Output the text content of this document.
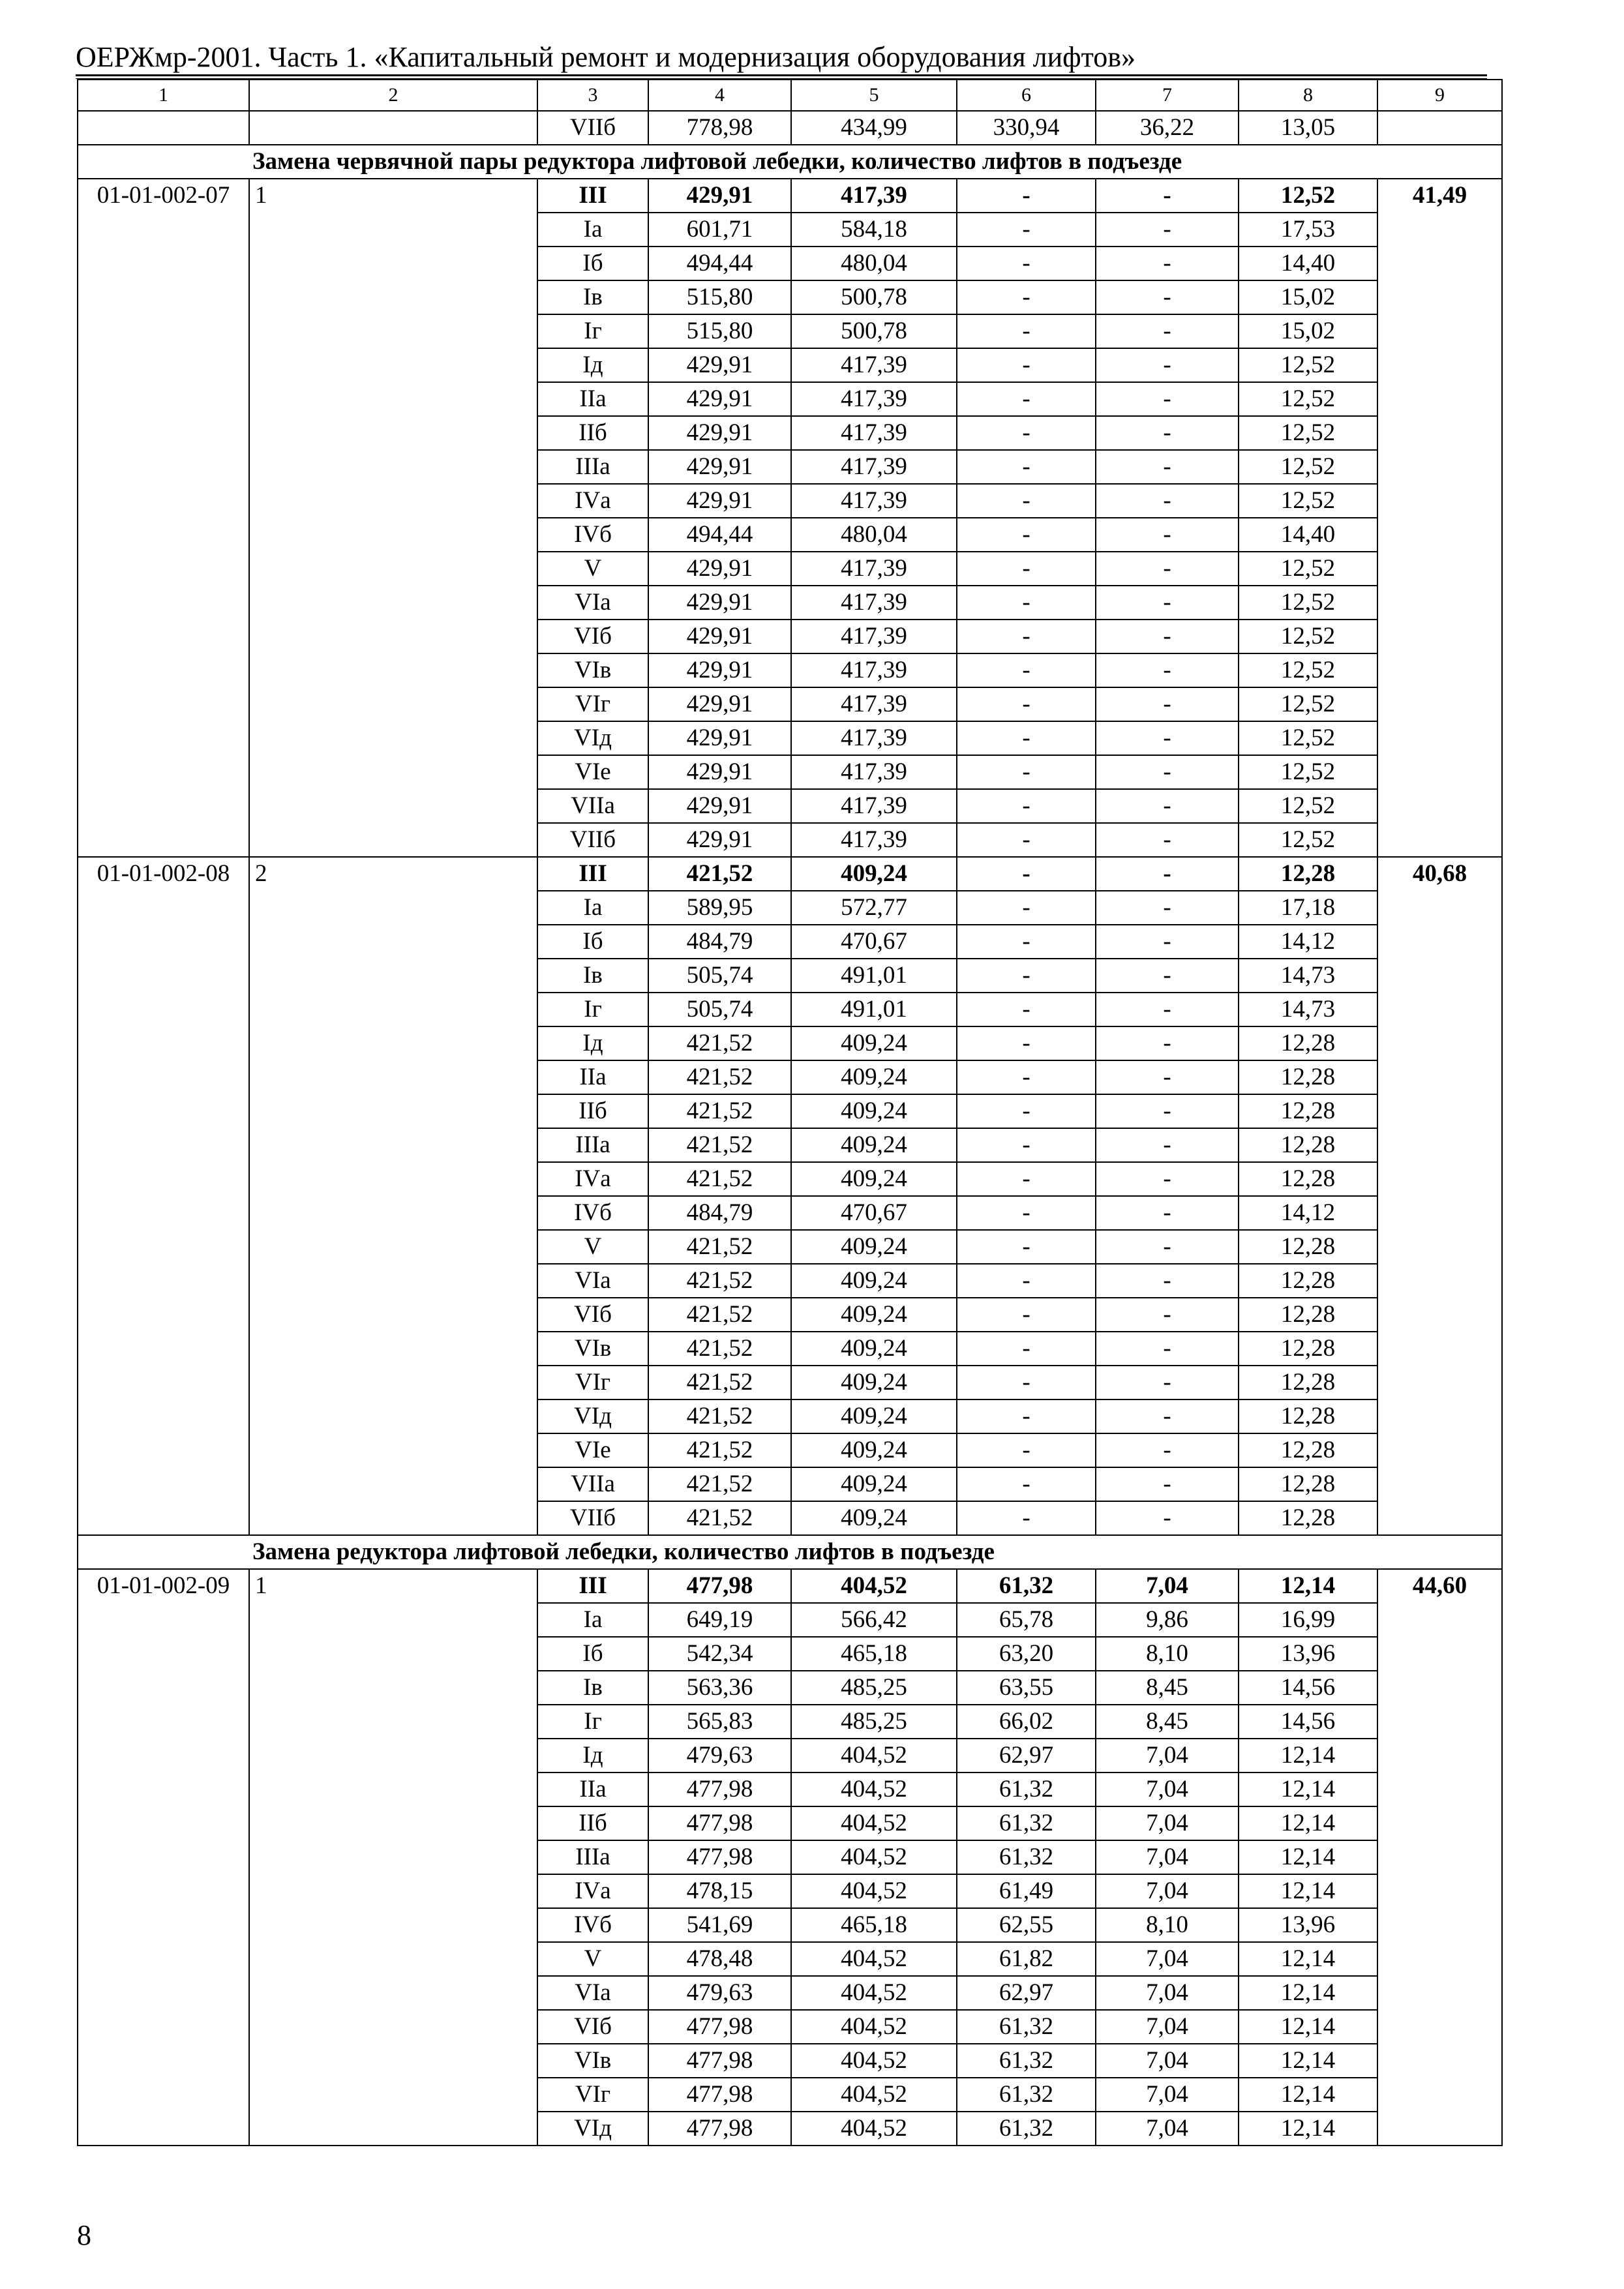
ОЕРЖмр-2001. Часть 1. «Капитальный ремонт и модернизация оборудования лифтов»
1	2	3	4	5	6	7	8	9
		VIIб	778,98	434,99	330,94	36,22	13,05	
Замена червячной пары редуктора лифтовой лебедки, количество лифтов в подъезде								
01-01-002-07	1	III	429,91	417,39	-	-	12,52	41,49
		Iа	601,71	584,18	-	-	17,53	
		Iб	494,44	480,04	-	-	14,40	
		Iв	515,80	500,78	-	-	15,02	
		Iг	515,80	500,78	-	-	15,02	
		Iд	429,91	417,39	-	-	12,52	
		IIа	429,91	417,39	-	-	12,52	
		IIб	429,91	417,39	-	-	12,52	
		IIIа	429,91	417,39	-	-	12,52	
		IVа	429,91	417,39	-	-	12,52	
		IVб	494,44	480,04	-	-	14,40	
		V	429,91	417,39	-	-	12,52	
		VIа	429,91	417,39	-	-	12,52	
		VIб	429,91	417,39	-	-	12,52	
		VIв	429,91	417,39	-	-	12,52	
		VIг	429,91	417,39	-	-	12,52	
		VIд	429,91	417,39	-	-	12,52	
		VIе	429,91	417,39	-	-	12,52	
		VIIа	429,91	417,39	-	-	12,52	
		VIIб	429,91	417,39	-	-	12,52	
01-01-002-08	2	III	421,52	409,24	-	-	12,28	40,68
		Iа	589,95	572,77	-	-	17,18	
		Iб	484,79	470,67	-	-	14,12	
		Iв	505,74	491,01	-	-	14,73	
		Iг	505,74	491,01	-	-	14,73	
		Iд	421,52	409,24	-	-	12,28	
		IIа	421,52	409,24	-	-	12,28	
		IIб	421,52	409,24	-	-	12,28	
		IIIа	421,52	409,24	-	-	12,28	
		IVа	421,52	409,24	-	-	12,28	
		IVб	484,79	470,67	-	-	14,12	
		V	421,52	409,24	-	-	12,28	
		VIа	421,52	409,24	-	-	12,28	
		VIб	421,52	409,24	-	-	12,28	
		VIв	421,52	409,24	-	-	12,28	
		VIг	421,52	409,24	-	-	12,28	
		VIд	421,52	409,24	-	-	12,28	
		VIе	421,52	409,24	-	-	12,28	
		VIIа	421,52	409,24	-	-	12,28	
		VIIб	421,52	409,24	-	-	12,28	
Замена редуктора лифтовой лебедки, количество лифтов в подъезде								
01-01-002-09	1	III	477,98	404,52	61,32	7,04	12,14	44,60
		Iа	649,19	566,42	65,78	9,86	16,99	
		Iб	542,34	465,18	63,20	8,10	13,96	
		Iв	563,36	485,25	63,55	8,45	14,56	
		Iг	565,83	485,25	66,02	8,45	14,56	
		Iд	479,63	404,52	62,97	7,04	12,14	
		IIа	477,98	404,52	61,32	7,04	12,14	
		IIб	477,98	404,52	61,32	7,04	12,14	
		IIIа	477,98	404,52	61,32	7,04	12,14	
		IVа	478,15	404,52	61,49	7,04	12,14	
		IVб	541,69	465,18	62,55	8,10	13,96	
		V	478,48	404,52	61,82	7,04	12,14	
		VIа	479,63	404,52	62,97	7,04	12,14	
		VIб	477,98	404,52	61,32	7,04	12,14	
		VIв	477,98	404,52	61,32	7,04	12,14	
		VIг	477,98	404,52	61,32	7,04	12,14	
		VIд	477,98	404,52	61,32	7,04	12,14	
8
